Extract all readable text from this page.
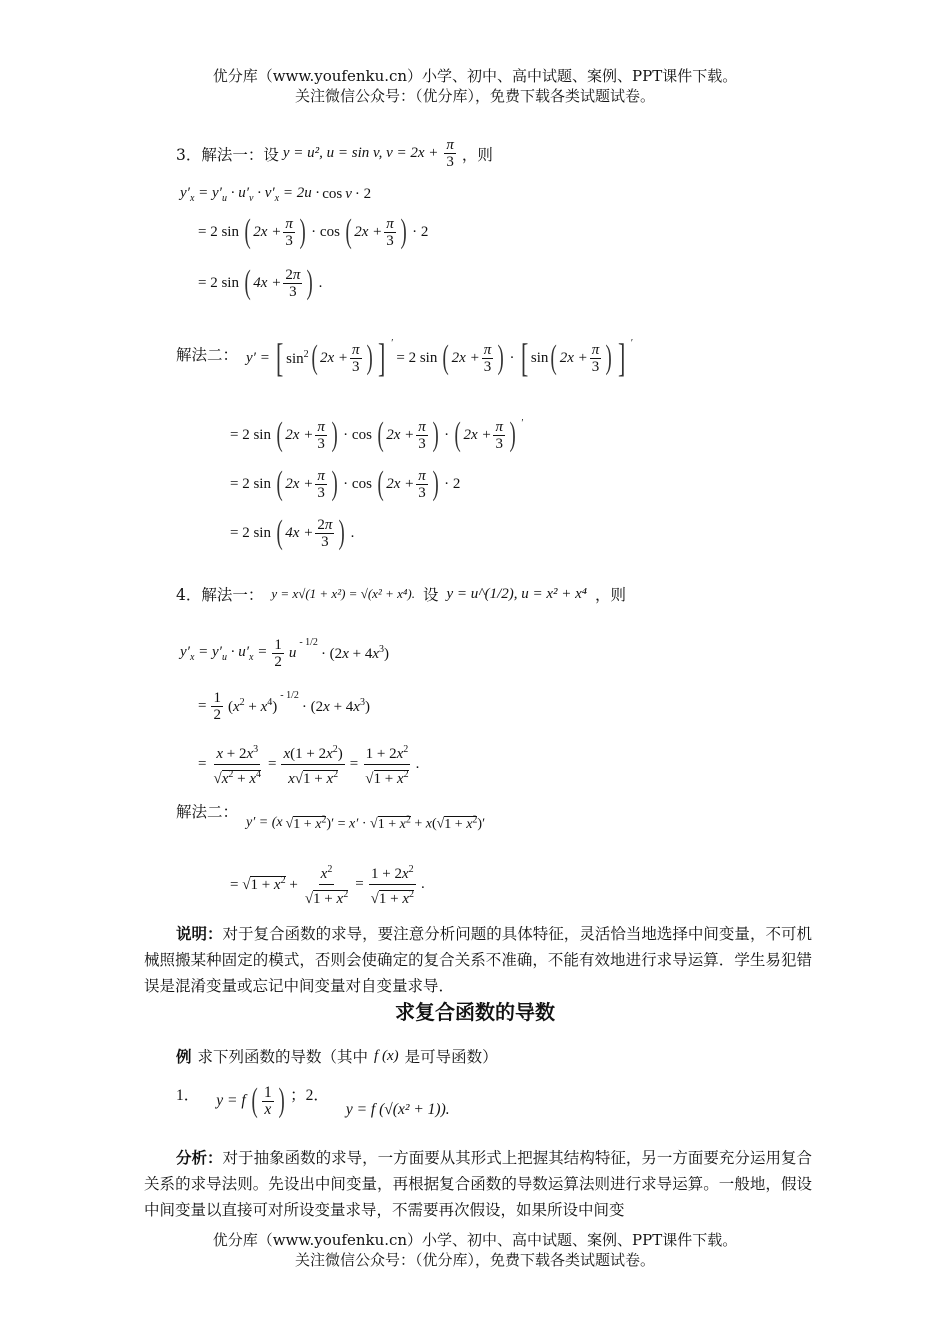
优分库（www.youfenku.cn）小学、初中、高中试题、案例、PPT课件下载。
关注微信公众号：（优分库），免费下载各类试题试卷。
3．解法一：设 y = u², u = sin v, $v = 2x + \frac{\pi}{3}$ ，则
$y'_x = y'_u \cdot u'_v \cdot v'_x = 2u \cdot \cos v \cdot 2$
= 2 sin ( $2x + \frac{\pi}{3}$ ) · cos ( $2x + \frac{\pi}{3}$ ) · 2
= 2 sin ( $4x + \frac{2\pi}{3}$ ) .
解法二： y′ = [ $\sin^2$ ( $2x + \frac{\pi}{3}$ ) ] ′
= 2 sin ( $2x + \frac{\pi}{3}$ ) · [ sin ( $2x + \frac{\pi}{3}$ ) ] ′
= 2 sin ( $2x + \frac{\pi}{3}$ ) · cos ( $2x + \frac{\pi}{3}$ ) · ( $2x + \frac{\pi}{3}$ ) ′
= 2 sin ( $2x + \frac{\pi}{3}$ ) · cos ( $2x + \frac{\pi}{3}$ ) · 2
= 2 sin ( $4x + \frac{2\pi}{3}$ ) .
4．解法一： y = x√(1 + x²) = √(x² + x⁴). 设 y = u^(1/2), u = x² + x⁴ ，则
$y'_x = y'_u \cdot u'_x = \frac{1}{2}$ u
$^{- 1/2}$
· $(2x + 4x^3)$
= $\frac{1}{2} (x^2 + x^4)$
$^{- 1/2}$
· $(2x + 4x^3)$
= $\frac{x + 2x^3}{√x^2 + x^4} = \frac{x(1 + 2x^2)}{x√1 + x^2} = \frac{1 + 2x^2}{√1 + x^2}$ .
解法二：
y′ = (x $√1 + x^2)' = x' \cdot √1 + x^2 + x(√1 + x^2)'$
= $√1 + x^2 + \frac{x^2}{√1 + x^2} = \frac{1 + 2x^2}{√1 + x^2}$ .
说明：对于复合函数的求导，要注意分析问题的具体特征，灵活恰当地选择中间变量，不可机械照搬某种固定的模式，否则会使确定的复合关系不准确，不能有效地进行求导运算．学生易犯错误是混淆变量或忘记中间变量对自变量求导．
求复合函数的导数
例 求下列函数的导数（其中 f (x) 是可导函数）
1． y = f ( 1
x ) ；2．
y = f (√(x² + 1)).
分析：对于抽象函数的求导，一方面要从其形式上把握其结构特征，另一方面要充分运用复合关系的求导法则。先设出中间变量，再根据复合函数的导数运算法则进行求导运算。一般地，假设中间变量以直接可对所设变量求导，不需要再次假设，如果所设中间变
优分库（www.youfenku.cn）小学、初中、高中试题、案例、PPT课件下载。
关注微信公众号：（优分库），免费下载各类试题试卷。
